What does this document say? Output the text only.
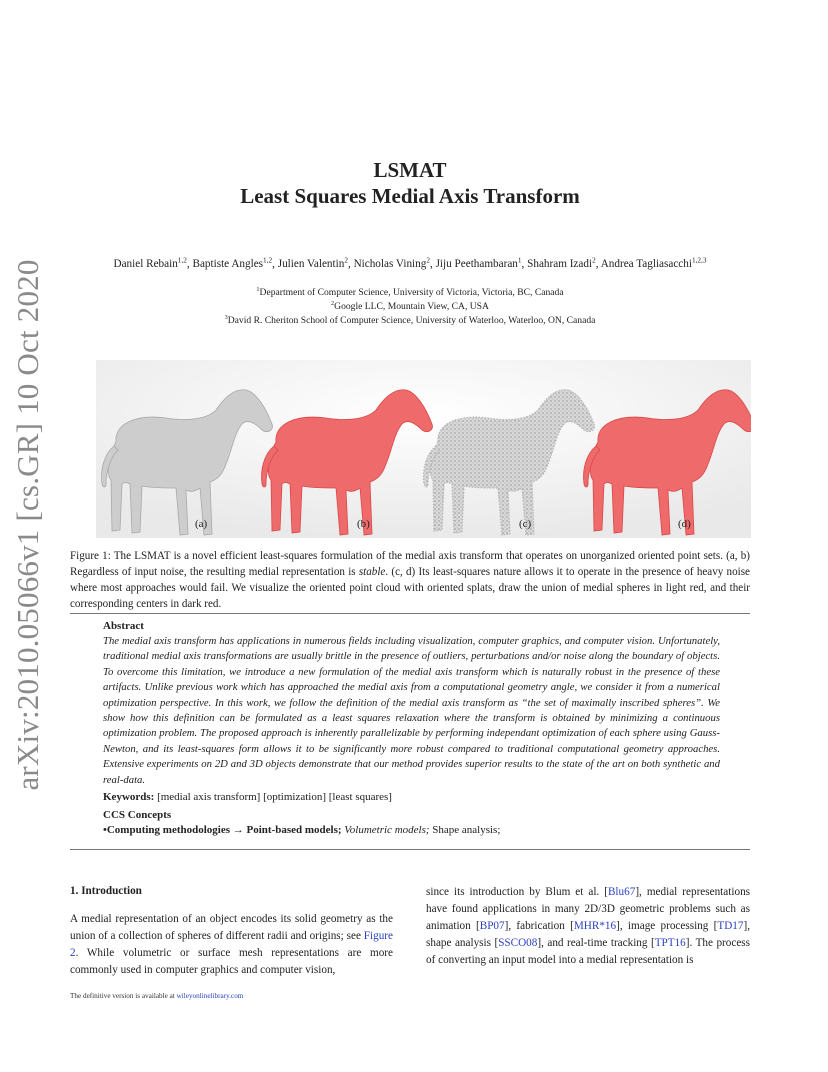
arXiv:2010.05066v1 [cs.GR] 10 Oct 2020
LSMAT
Least Squares Medial Axis Transform
Daniel Rebain$^{1,2}$, Baptiste Angles$^{1,2}$, Julien Valentin$^2$, Nicholas Vining$^2$, Jiju Peethambaran$^1$, Shahram Izadi$^2$, Andrea Tagliasacchi$^{1,2,3}$
$^1$Department of Computer Science, University of Victoria, Victoria, BC, Canada
$^2$Google LLC, Mountain View, CA, USA
$^3$David R. Cheriton School of Computer Science, University of Waterloo, Waterloo, ON, Canada
(a)	(b)	(c)	(d)
Figure 1: The LSMAT is a novel efficient least-squares formulation of the medial axis transform that operates on unorganized oriented point sets. (a, b) Regardless of input noise, the resulting medial representation is stable. (c, d) Its least-squares nature allows it to operate in the presence of heavy noise where most approaches would fail. We visualize the oriented point cloud with oriented splats, draw the union of medial spheres in light red, and their corresponding centers in dark red.
Abstract
The medial axis transform has applications in numerous fields including visualization, computer graphics, and computer vision. Unfortunately, traditional medial axis transformations are usually brittle in the presence of outliers, perturbations and/or noise along the boundary of objects. To overcome this limitation, we introduce a new formulation of the medial axis transform which is naturally robust in the presence of these artifacts. Unlike previous work which has approached the medial axis from a computational geometry angle, we consider it from a numerical optimization perspective. In this work, we follow the definition of the medial axis transform as “the set of maximally inscribed spheres”. We show how this definition can be formulated as a least squares relaxation where the transform is obtained by minimizing a continuous optimization problem. The proposed approach is inherently parallelizable by performing independant optimization of each sphere using Gauss-Newton, and its least-squares form allows it to be significantly more robust compared to traditional computational geometry approaches. Extensive experiments on 2D and 3D objects demonstrate that our method provides superior results to the state of the art on both synthetic and real-data.
Keywords: [medial axis transform] [optimization] [least squares]
CCS Concepts
•Computing methodologies → Point-based models; Volumetric models; Shape analysis;
1. Introduction
A medial representation of an object encodes its solid geometry as the union of a collection of spheres of different radii and origins; see Figure 2. While volumetric or surface mesh representations are more commonly used in computer graphics and computer vision,
since its introduction by Blum et al. [Blu67], medial representations have found applications in many 2D/3D geometric problems such as animation [BP07], fabrication [MHR*16], image processing [TD17], shape analysis [SSCO08], and real-time tracking [TPT16]. The process of converting an input model into a medial representation is
The definitive version is available at wileyonlinelibrary.com
